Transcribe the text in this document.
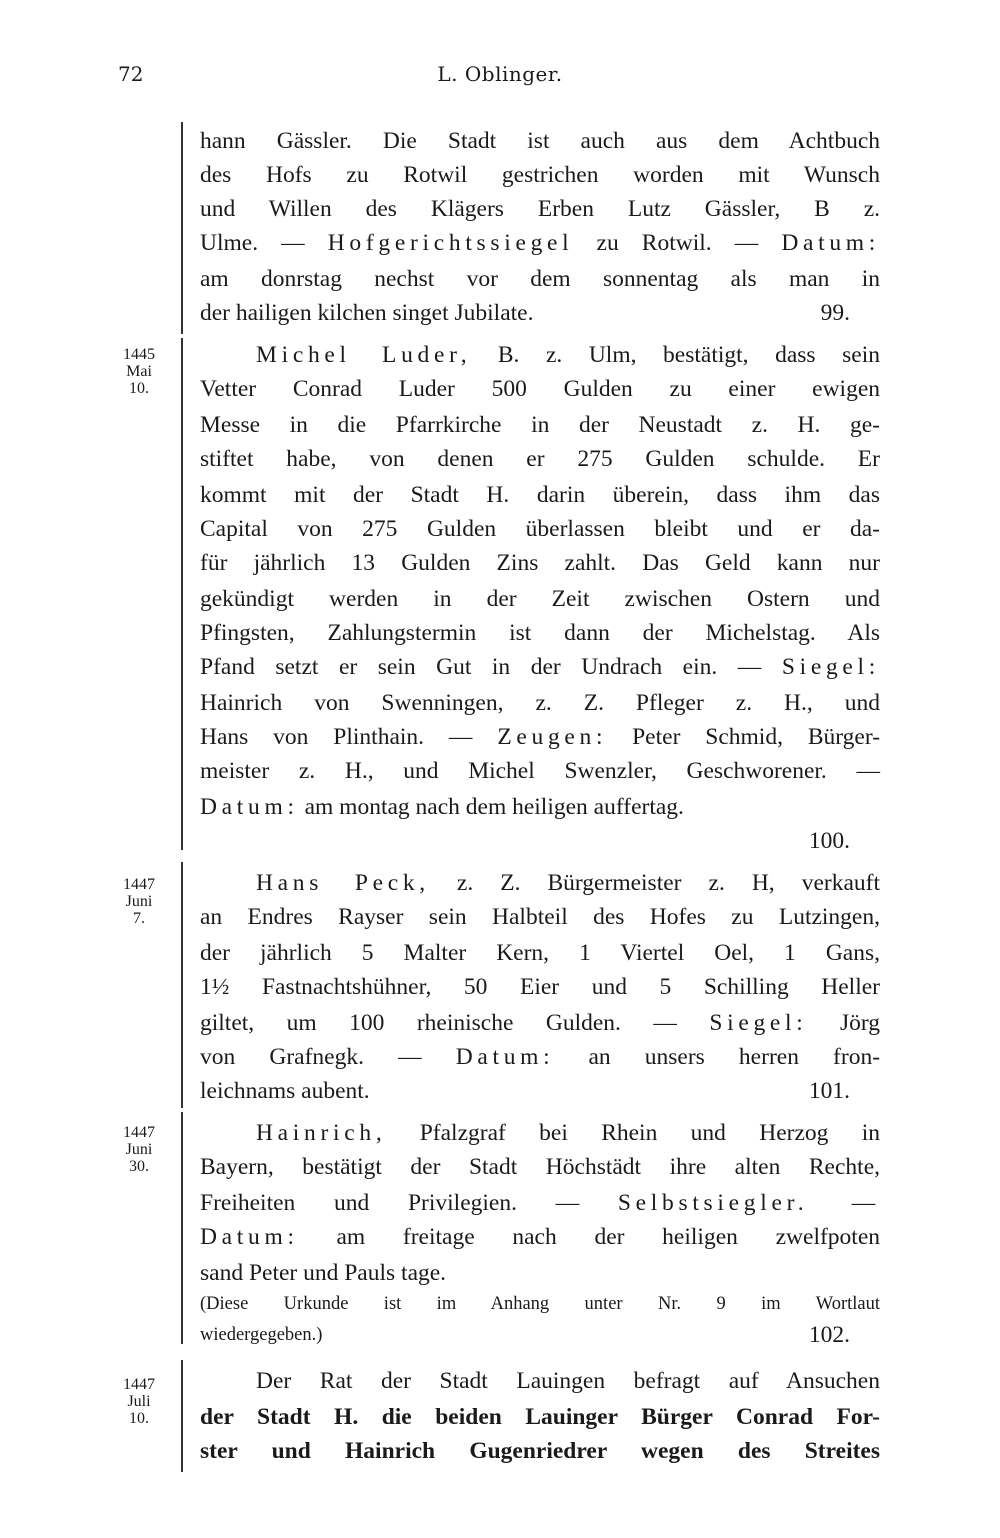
72	L. Oblinger.
1445
Mai
10.
1447
Juni
7.
1447
Juni
30.
1447
Juli
10.
hann Gässler. Die Stadt ist auch aus dem Achtbuch
des Hofs zu Rotwil gestrichen worden mit Wunsch
und Willen des Klägers Erben Lutz Gässler, B z.
Ulme. — Hofgerichtssiegel zu Rotwil. — Datum:
am donrstag nechst vor dem sonnentag als man in
der hailigen kilchen singet Jubilate.	99.
Michel Luder, B. z. Ulm, bestätigt, dass sein
Vetter Conrad Luder 500 Gulden zu einer ewigen
Messe in die Pfarrkirche in der Neustadt z. H. ge-
stiftet habe, von denen er 275 Gulden schulde. Er
kommt mit der Stadt H. darin überein, dass ihm das
Capital von 275 Gulden überlassen bleibt und er da-
für jährlich 13 Gulden Zins zahlt. Das Geld kann nur
gekündigt werden in der Zeit zwischen Ostern und
Pfingsten, Zahlungstermin ist dann der Michelstag. Als
Pfand setzt er sein Gut in der Undrach ein. — Siegel:
Hainrich von Swenningen, z. Z. Pfleger z. H., und
Hans von Plinthain. — Zeugen: Peter Schmid, Bürger-
meister z. H., und Michel Swenzler, Geschworener. —
Datum: am montag nach dem heiligen auffertag.
100.
Hans Peck, z. Z. Bürgermeister z. H, verkauft
an Endres Rayser sein Halbteil des Hofes zu Lutzingen,
der jährlich 5 Malter Kern, 1 Viertel Oel, 1 Gans,
1½ Fastnachtshühner, 50 Eier und 5 Schilling Heller
giltet, um 100 rheinische Gulden. — Siegel: Jörg
von Grafnegk. — Datum: an unsers herren fron-
leichnams aubent.	101.
Hainrich, Pfalzgraf bei Rhein und Herzog in
Bayern, bestätigt der Stadt Höchstädt ihre alten Rechte,
Freiheiten und Privilegien. — Selbstsiegler. —
Datum: am freitage nach der heiligen zwelfpoten
sand Peter und Pauls tage.
(Diese Urkunde ist im Anhang unter Nr. 9 im Wortlaut
wiedergegeben.)	102.
Der Rat der Stadt Lauingen befragt auf Ansuchen
der Stadt H. die beiden Lauinger Bürger Conrad For-
ster und Hainrich Gugenriedrer wegen des Streites
